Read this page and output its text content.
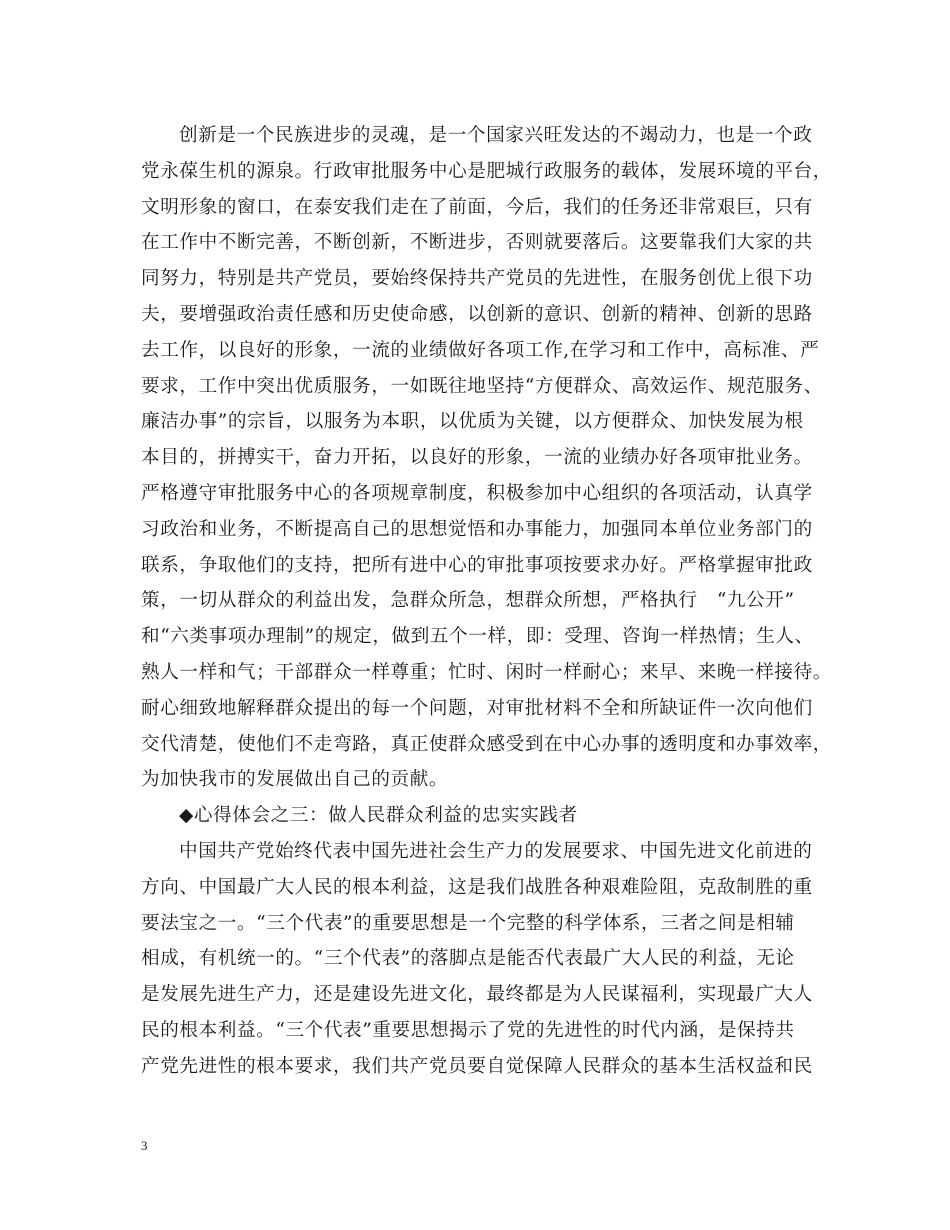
创新是一个民族进步的灵魂，是一个国家兴旺发达的不竭动力，也是一个政
党永葆生机的源泉。行政审批服务中心是肥城行政服务的载体，发展环境的平台，
文明形象的窗口，在泰安我们走在了前面，今后，我们的任务还非常艰巨，只有
在工作中不断完善，不断创新，不断进步，否则就要落后。这要靠我们大家的共
同努力，特别是共产党员，要始终保持共产党员的先进性，在服务创优上很下功
夫，要增强政治责任感和历史使命感，以创新的意识、创新的精神、创新的思路
去工作，以良好的形象，一流的业绩做好各项工作,在学习和工作中，高标准、严
要求，工作中突出优质服务，一如既往地坚持“方便群众、高效运作、规范服务、
廉洁办事”的宗旨，以服务为本职，以优质为关键，以方便群众、加快发展为根
本目的，拼搏实干，奋力开拓，以良好的形象，一流的业绩办好各项审批业务。
严格遵守审批服务中心的各项规章制度，积极参加中心组织的各项活动，认真学
习政治和业务，不断提高自己的思想觉悟和办事能力，加强同本单位业务部门的
联系，争取他们的支持，把所有进中心的审批事项按要求办好。严格掌握审批政
策，一切从群众的利益出发，急群众所急，想群众所想，严格执行　“九公开”
和“六类事项办理制”的规定，做到五个一样，即：受理、咨询一样热情；生人、
熟人一样和气；干部群众一样尊重；忙时、闲时一样耐心；来早、来晚一样接待。
耐心细致地解释群众提出的每一个问题，对审批材料不全和所缺证件一次向他们
交代清楚，使他们不走弯路，真正使群众感受到在中心办事的透明度和办事效率，
为加快我市的发展做出自己的贡献。
◆心得体会之三：做人民群众利益的忠实实践者
中国共产党始终代表中国先进社会生产力的发展要求、中国先进文化前进的
方向、中国最广大人民的根本利益，这是我们战胜各种艰难险阻，克敌制胜的重
要法宝之一。“三个代表”的重要思想是一个完整的科学体系，三者之间是相辅
相成，有机统一的。“三个代表”的落脚点是能否代表最广大人民的利益，无论
是发展先进生产力，还是建设先进文化，最终都是为人民谋福利，实现最广大人
民的根本利益。“三个代表”重要思想揭示了党的先进性的时代内涵，是保持共
产党先进性的根本要求，我们共产党员要自觉保障人民群众的基本生活权益和民
3
